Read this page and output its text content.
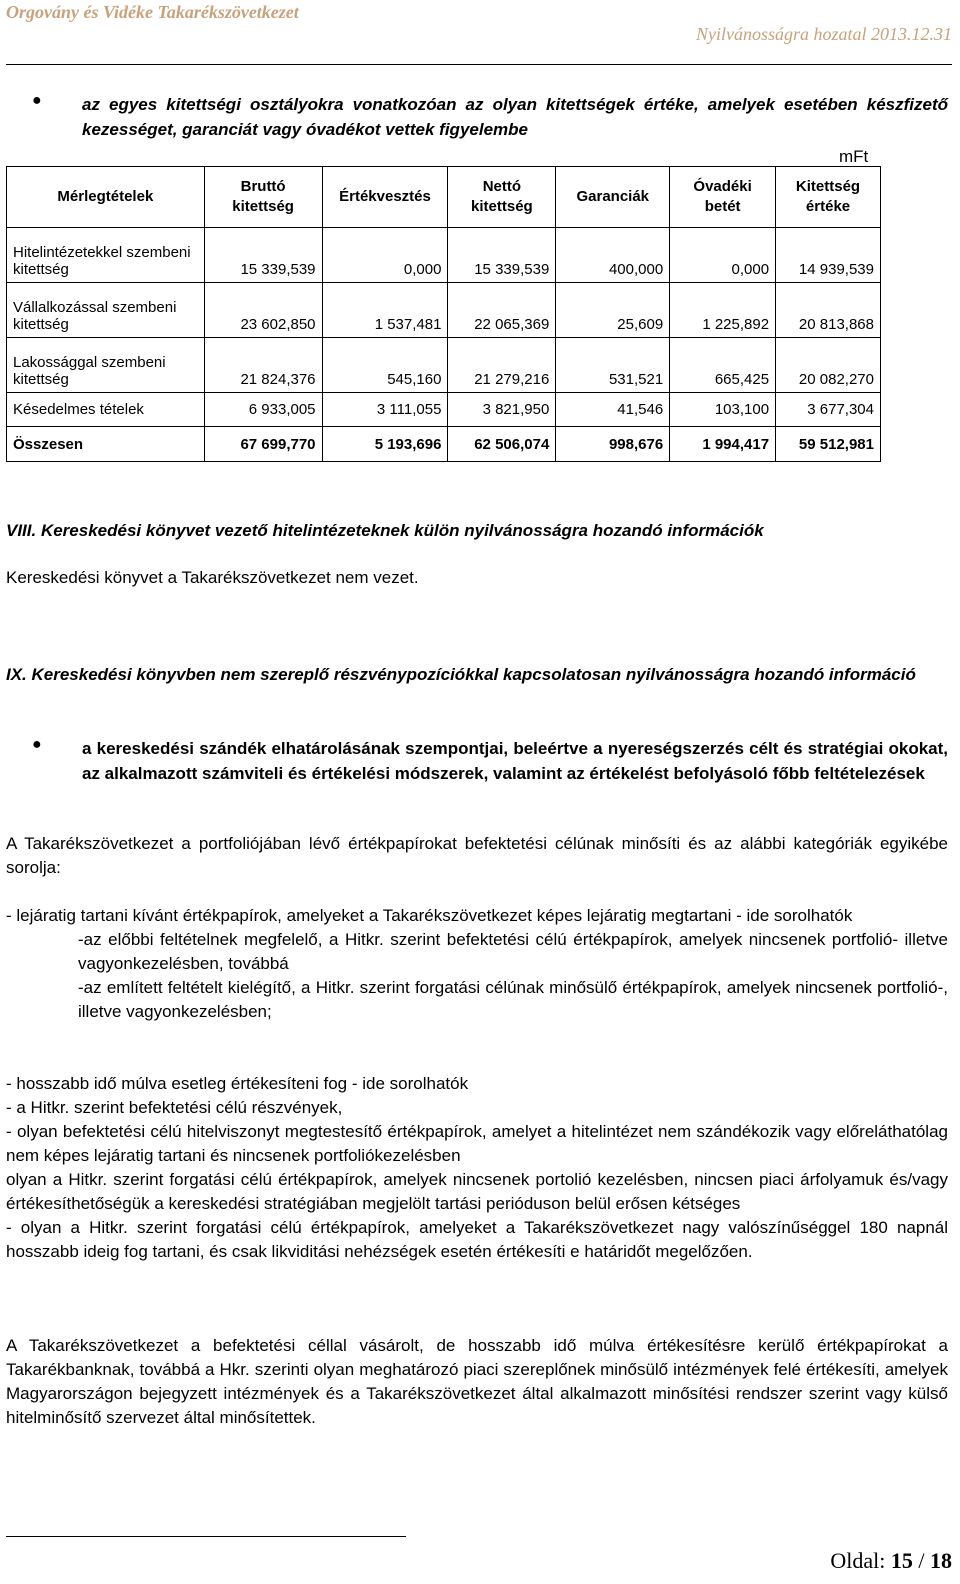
Orgovány és Vidéke Takarékszövetkezet
Nyilvánosságra hozatal 2013.12.31
● az egyes kitettségi osztályokra vonatkozóan az olyan kitettségek értéke, amelyek esetében készfizető kezességet, garanciát vagy óvadékot vettek figyelembe
mFt
Mérlegtételek	Bruttó kitettség	Értékvesztés	Nettó kitettség	Garanciák	Óvadéki betét	Kitettség értéke
Hitelintézetekkel szembeni kitettség	15 339,539	0,000	15 339,539	400,000	0,000	14 939,539
Vállalkozással szembeni kitettség	23 602,850	1 537,481	22 065,369	25,609	1 225,892	20 813,868
Lakossággal szembeni kitettség	21 824,376	545,160	21 279,216	531,521	665,425	20 082,270
Késedelmes tételek	6 933,005	3 111,055	3 821,950	41,546	103,100	3 677,304
Összesen	67 699,770	5 193,696	62 506,074	998,676	1 994,417	59 512,981
VIII. Kereskedési könyvet vezető hitelintézeteknek külön nyilvánosságra hozandó információk
Kereskedési könyvet a Takarékszövetkezet nem vezet.
IX. Kereskedési könyvben nem szereplő részvénypozíciókkal kapcsolatosan nyilvánosságra hozandó információ
● a kereskedési szándék elhatárolásának szempontjai, beleértve a nyereségszerzés célt és stratégiai okokat, az alkalmazott számviteli és értékelési módszerek, valamint az értékelést befolyásoló főbb feltételezések
A Takarékszövetkezet a portfoliójában lévő értékpapírokat befektetési célúnak minősíti és az alábbi kategóriák egyikébe sorolja:

- lejáratig tartani kívánt értékpapírok, amelyeket a Takarékszövetkezet képes lejáratig megtartani - ide sorolhatók

-az előbbi feltételnek megfelelő, a Hitkr. szerint befektetési célú értékpapírok, amelyek nincsenek portfolió- illetve vagyonkezelésben, továbbá

-az említett feltételt kielégítő, a Hitkr. szerint forgatási célúnak minősülő értékpapírok, amelyek nincsenek portfolió-, illetve vagyonkezelésben;

- hosszabb idő múlva esetleg értékesíteni fog - ide sorolhatók

- a Hitkr. szerint befektetési célú részvények,

- olyan befektetési célú hitelviszonyt megtestesítő értékpapírok, amelyet a hitelintézet nem szándékozik vagy előreláthatólag nem képes lejáratig tartani és nincsenek portfoliókezelésben

olyan a Hitkr. szerint forgatási célú értékpapírok, amelyek nincsenek portolió kezelésben, nincsen piaci árfolyamuk és/vagy értékesíthetőségük a kereskedési stratégiában megjelölt tartási perióduson belül erősen kétséges

- olyan a Hitkr. szerint forgatási célú értékpapírok, amelyeket a Takarékszövetkezet nagy valószínűséggel 180 napnál hosszabb ideig fog tartani, és csak likviditási nehézségek esetén értékesíti e határidőt megelőzően.

A Takarékszövetkezet a befektetési céllal vásárolt, de hosszabb idő múlva értékesítésre kerülő értékpapírokat a Takarékbanknak, továbbá a Hkr. szerinti olyan meghatározó piaci szereplőnek minősülő intézmények felé értékesíti, amelyek Magyarországon bejegyzett intézmények és a Takarékszövetkezet által alkalmazott minősítési rendszer szerint vagy külső hitelminősítő szervezet által minősítettek.
Oldal: 15 / 18
